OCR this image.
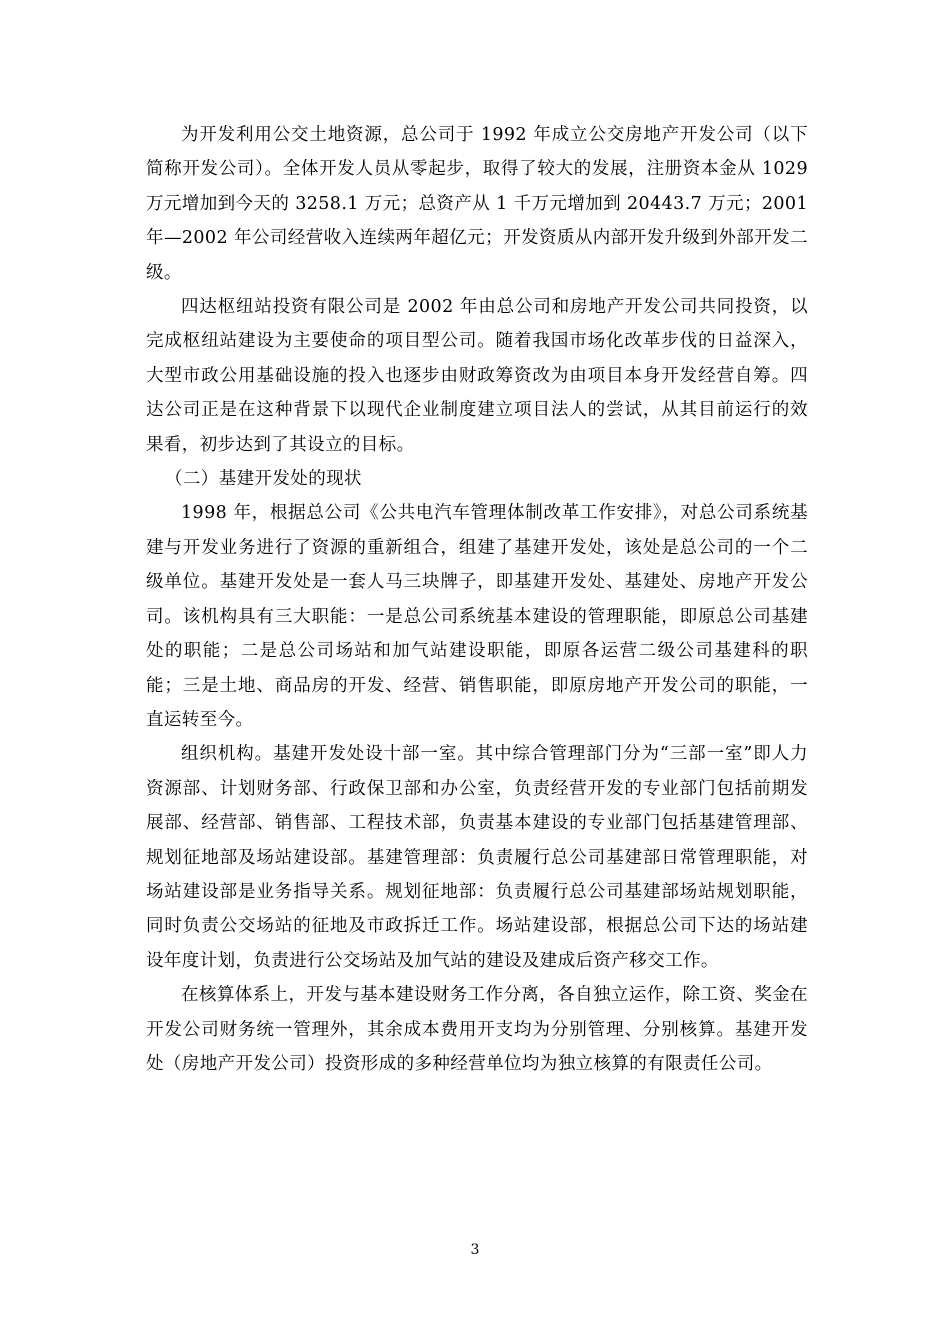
为开发利用公交土地资源，总公司于 1992 年成立公交房地产开发公司（以下简称开发公司）。全体开发人员从零起步，取得了较大的发展，注册资本金从 1029 万元增加到今天的 3258.1 万元；总资产从 1 千万元增加到 20443.7 万元；2001 年—2002 年公司经营收入连续两年超亿元；开发资质从内部开发升级到外部开发二级。

四达枢纽站投资有限公司是 2002 年由总公司和房地产开发公司共同投资，以完成枢纽站建设为主要使命的项目型公司。随着我国市场化改革步伐的日益深入，大型市政公用基础设施的投入也逐步由财政筹资改为由项目本身开发经营自筹。四达公司正是在这种背景下以现代企业制度建立项目法人的尝试，从其目前运行的效果看，初步达到了其设立的目标。

（二）基建开发处的现状

1998 年，根据总公司《公共电汽车管理体制改革工作安排》，对总公司系统基建与开发业务进行了资源的重新组合，组建了基建开发处，该处是总公司的一个二级单位。基建开发处是一套人马三块牌子，即基建开发处、基建处、房地产开发公司。该机构具有三大职能：一是总公司系统基本建设的管理职能，即原总公司基建处的职能；二是总公司场站和加气站建设职能，即原各运营二级公司基建科的职能；三是土地、商品房的开发、经营、销售职能，即原房地产开发公司的职能，一直运转至今。

组织机构。基建开发处设十部一室。其中综合管理部门分为“三部一室”即人力资源部、计划财务部、行政保卫部和办公室，负责经营开发的专业部门包括前期发展部、经营部、销售部、工程技术部，负责基本建设的专业部门包括基建管理部、规划征地部及场站建设部。基建管理部：负责履行总公司基建部日常管理职能，对场站建设部是业务指导关系。规划征地部：负责履行总公司基建部场站规划职能，同时负责公交场站的征地及市政拆迁工作。场站建设部，根据总公司下达的场站建设年度计划，负责进行公交场站及加气站的建设及建成后资产移交工作。

在核算体系上，开发与基本建设财务工作分离，各自独立运作，除工资、奖金在开发公司财务统一管理外，其余成本费用开支均为分别管理、分别核算。基建开发处（房地产开发公司）投资形成的多种经营单位均为独立核算的有限责任公司。

3
